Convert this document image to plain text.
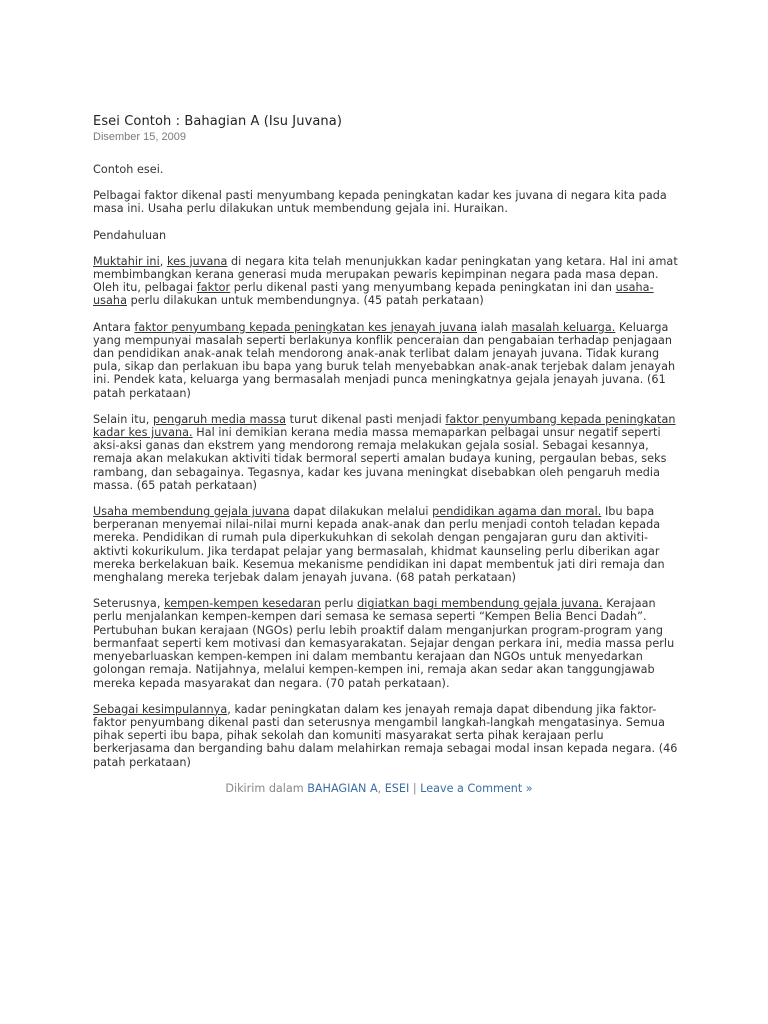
Esei Contoh : Bahagian A (Isu Juvana)
Disember 15, 2009

Contoh esei.

Pelbagai faktor dikenal pasti menyumbang kepada peningkatan kadar kes juvana di negara kita pada masa ini. Usaha perlu dilakukan untuk membendung gejala ini. Huraikan.

Pendahuluan

Muktahir ini, kes juvana di negara kita telah menunjukkan kadar peningkatan yang ketara. Hal ini amat membimbangkan kerana generasi muda merupakan pewaris kepimpinan negara pada masa depan. Oleh itu, pelbagai faktor perlu dikenal pasti yang menyumbang kepada peningkatan ini dan usaha-usaha perlu dilakukan untuk membendungnya. (45 patah perkataan)

Antara faktor penyumbang kepada peningkatan kes jenayah juvana ialah masalah keluarga. Keluarga yang mempunyai masalah seperti berlakunya konflik penceraian dan pengabaian terhadap penjagaan dan pendidikan anak-anak telah mendorong anak-anak terlibat dalam jenayah juvana. Tidak kurang pula, sikap dan perlakuan ibu bapa yang buruk telah menyebabkan anak-anak terjebak dalam jenayah ini. Pendek kata, keluarga yang bermasalah menjadi punca meningkatnya gejala jenayah juvana. (61 patah perkataan)

Selain itu, pengaruh media massa turut dikenal pasti menjadi faktor penyumbang kepada peningkatan kadar kes juvana. Hal ini demikian kerana media massa memaparkan pelbagai unsur negatif seperti aksi-aksi ganas dan ekstrem yang mendorong remaja melakukan gejala sosial. Sebagai kesannya, remaja akan melakukan aktiviti tidak bermoral seperti amalan budaya kuning, pergaulan bebas, seks rambang, dan sebagainya. Tegasnya, kadar kes juvana meningkat disebabkan oleh pengaruh media massa. (65 patah perkataan)

Usaha membendung gejala juvana dapat dilakukan melalui pendidikan agama dan moral. Ibu bapa berperanan menyemai nilai-nilai murni kepada anak-anak dan perlu menjadi contoh teladan kepada mereka. Pendidikan di rumah pula diperkukuhkan di sekolah dengan pengajaran guru dan aktiviti-aktivti kokurikulum. Jika terdapat pelajar yang bermasalah, khidmat kaunseling perlu diberikan agar mereka berkelakuan baik. Kesemua mekanisme pendidikan ini dapat membentuk jati diri remaja dan menghalang mereka terjebak dalam jenayah juvana. (68 patah perkataan)

Seterusnya, kempen-kempen kesedaran perlu digiatkan bagi membendung gejala juvana. Kerajaan perlu menjalankan kempen-kempen dari semasa ke semasa seperti “Kempen Belia Benci Dadah”. Pertubuhan bukan kerajaan (NGOs) perlu lebih proaktif dalam menganjurkan program-program yang bermanfaat seperti kem motivasi dan kemasyarakatan. Sejajar dengan perkara ini, media massa perlu menyebarluaskan kempen-kempen ini dalam membantu kerajaan dan NGOs untuk menyedarkan golongan remaja. Natijahnya, melalui kempen-kempen ini, remaja akan sedar akan tanggungjawab mereka kepada masyarakat dan negara. (70 patah perkataan).

Sebagai kesimpulannya, kadar peningkatan dalam kes jenayah remaja dapat dibendung jika faktor-faktor penyumbang dikenal pasti dan seterusnya mengambil langkah-langkah mengatasinya. Semua pihak seperti ibu bapa, pihak sekolah dan komuniti masyarakat serta pihak kerajaan perlu berkerjasama dan berganding bahu dalam melahirkan remaja sebagai modal insan kepada negara. (46 patah perkataan)

Dikirim dalam BAHAGIAN A, ESEI | Leave a Comment »
